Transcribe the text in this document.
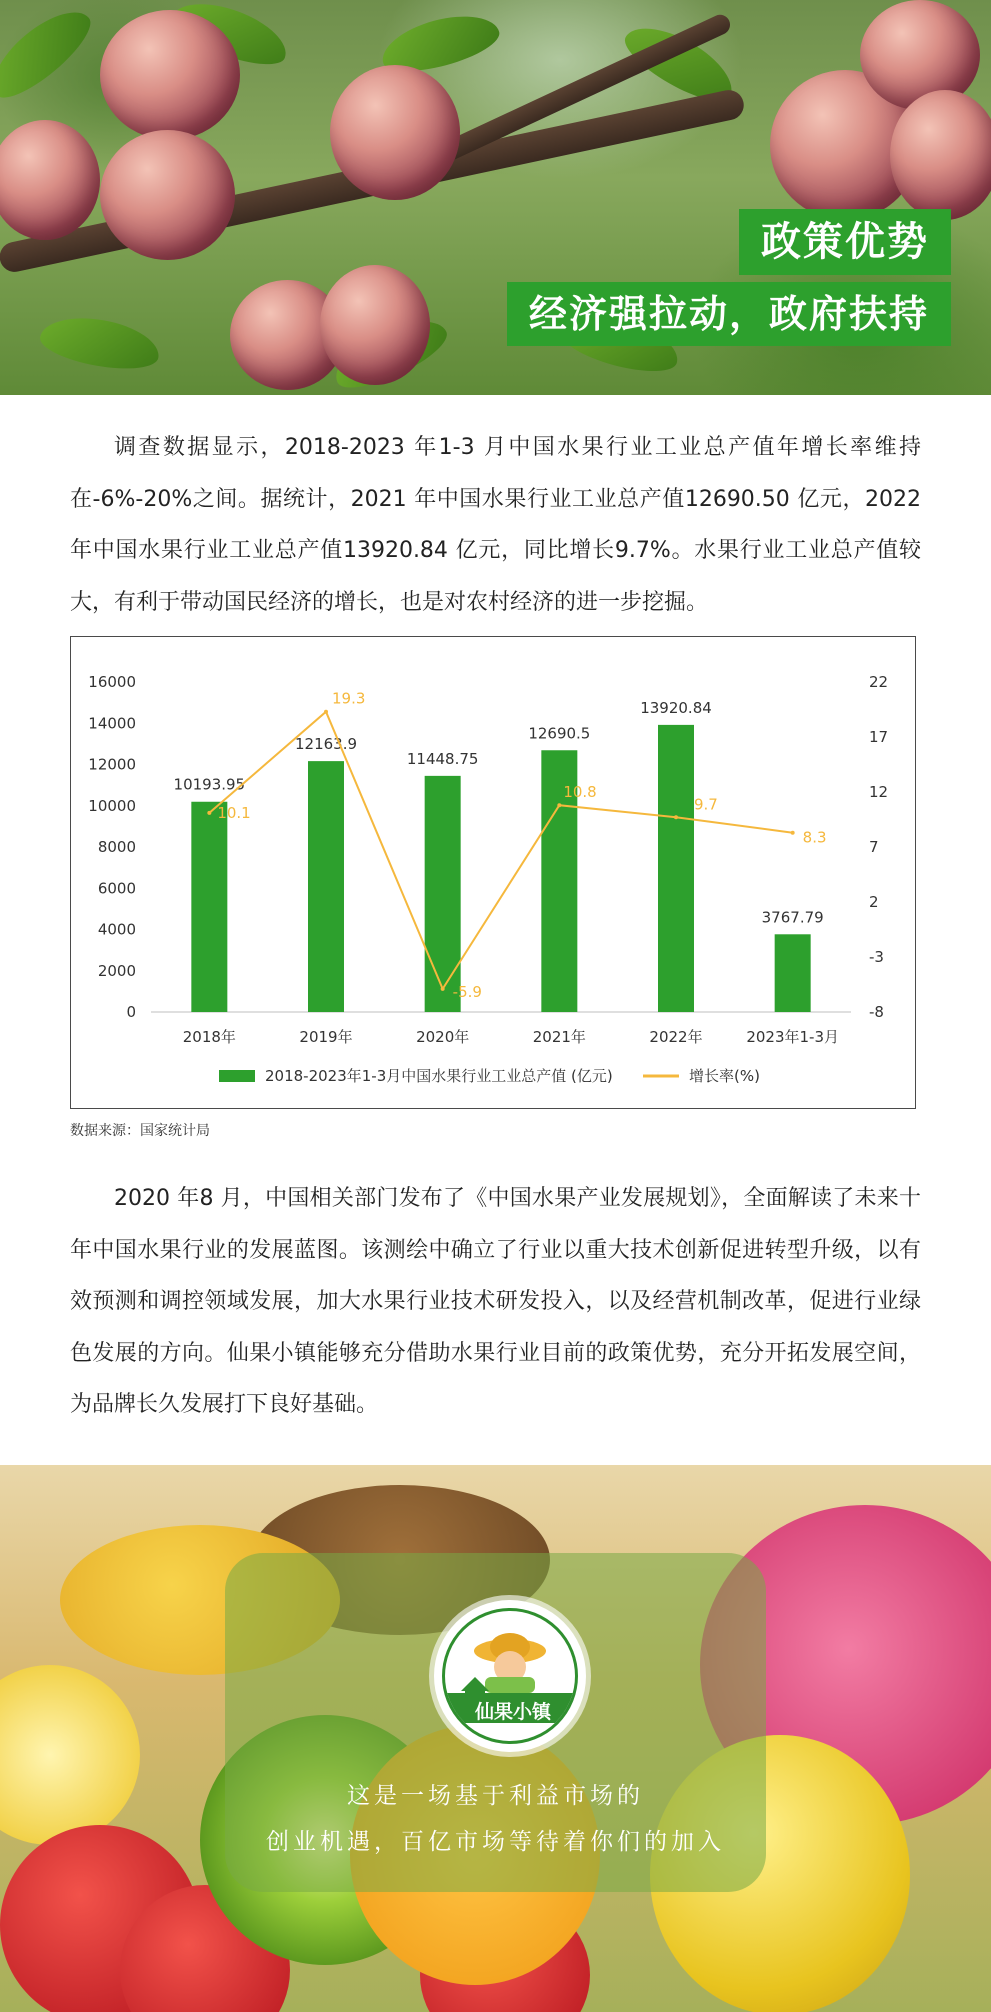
政策优势
经济强拉动，政府扶持
调查数据显示，2018-2023 年1-3 月中国水果行业工业总产值年增长率维持在-6%-20%之间。据统计，2021 年中国水果行业工业总产值12690.50 亿元，2022年中国水果行业工业总产值13920.84 亿元，同比增长9.7%。水果行业工业总产值较大，有利于带动国民经济的增长，也是对农村经济的进一步挖掘。
0
2000
4000
6000
8000
10000
12000
14000
16000
-8
-3
2
7
12
17
22
2018年	2019年	2020年	2021年	2022年	2023年1-3月
10193.95
12163.9
11448.75
12690.5
13920.84
3767.79
10.1
19.3
-5.9
10.8
9.7
8.3
2018-2023年1-3月中国水果行业工业总产值 (亿元)	增长率(%)
数据来源：国家统计局
2020 年8 月，中国相关部门发布了《中国水果产业发展规划》，全面解读了未来十年中国水果行业的发展蓝图。该测绘中确立了行业以重大技术创新促进转型升级，以有效预测和调控领域发展，加大水果行业技术研发投入，以及经营机制改革，促进行业绿色发展的方向。仙果小镇能够充分借助水果行业目前的政策优势，充分开拓发展空间，为品牌长久发展打下良好基础。
仙果小镇
这是一场基于利益市场的
创业机遇，百亿市场等待着你们的加入
